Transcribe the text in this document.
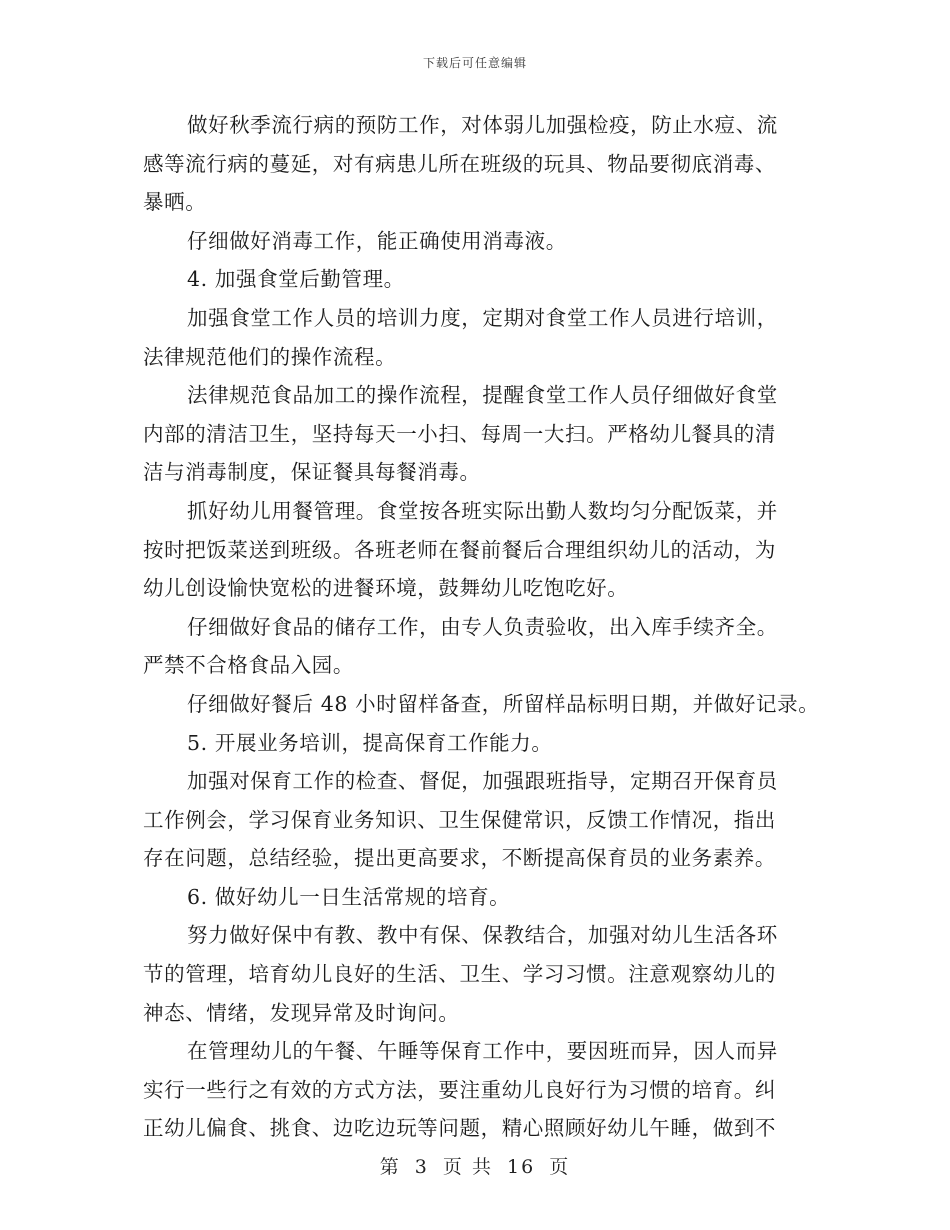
下载后可任意编辑
做好秋季流行病的预防工作，对体弱儿加强检疫，防止水痘、流
感等流行病的蔓延，对有病患儿所在班级的玩具、物品要彻底消毒、
暴晒。
仔细做好消毒工作，能正确使用消毒液。
4. 加强食堂后勤管理。
加强食堂工作人员的培训力度，定期对食堂工作人员进行培训，
法律规范他们的操作流程。
法律规范食品加工的操作流程，提醒食堂工作人员仔细做好食堂
内部的清洁卫生，坚持每天一小扫、每周一大扫。严格幼儿餐具的清
洁与消毒制度，保证餐具每餐消毒。
抓好幼儿用餐管理。食堂按各班实际出勤人数均匀分配饭菜，并
按时把饭菜送到班级。各班老师在餐前餐后合理组织幼儿的活动，为
幼儿创设愉快宽松的进餐环境，鼓舞幼儿吃饱吃好。
仔细做好食品的储存工作，由专人负责验收，出入库手续齐全。
严禁不合格食品入园。
仔细做好餐后 48 小时留样备查，所留样品标明日期，并做好记录。
5. 开展业务培训，提高保育工作能力。
加强对保育工作的检查、督促，加强跟班指导，定期召开保育员
工作例会，学习保育业务知识、卫生保健常识，反馈工作情况，指出
存在问题，总结经验，提出更高要求，不断提高保育员的业务素养。
6. 做好幼儿一日生活常规的培育。
努力做好保中有教、教中有保、保教结合，加强对幼儿生活各环
节的管理，培育幼儿良好的生活、卫生、学习习惯。注意观察幼儿的
神态、情绪，发现异常及时询问。
在管理幼儿的午餐、午睡等保育工作中，要因班而异，因人而异
实行一些行之有效的方式方法，要注重幼儿良好行为习惯的培育。纠
正幼儿偏食、挑食、边吃边玩等问题，精心照顾好幼儿午睡，做到不
第 3 页 共 16 页
